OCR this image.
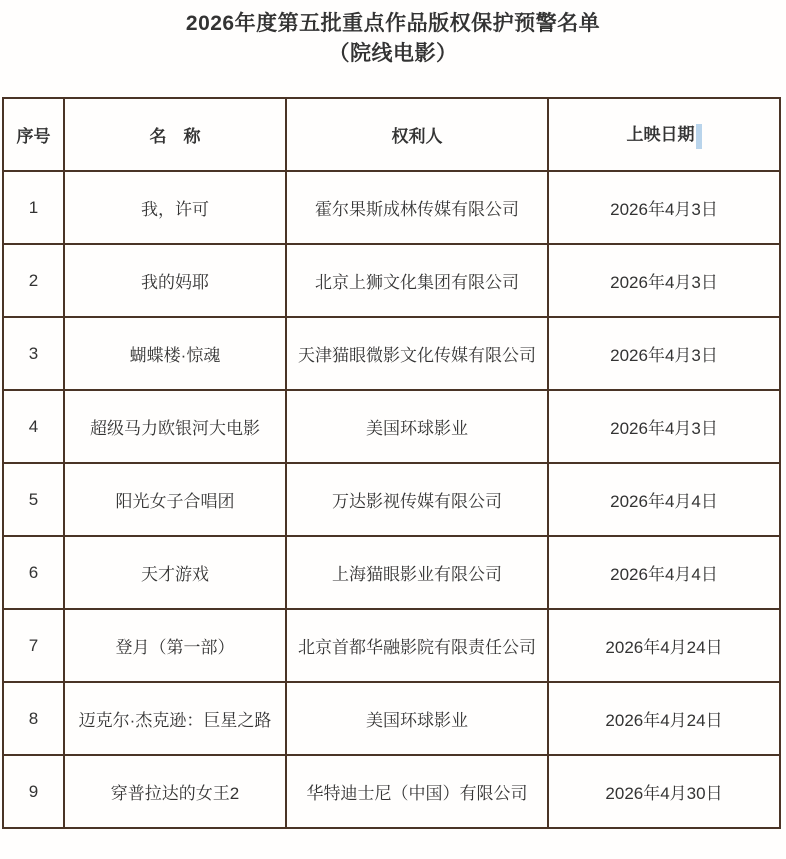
2026年度第五批重点作品版权保护预警名单
（院线电影）
序号	名　称	权利人	上映日期
1	我，许可	霍尔果斯成林传媒有限公司	2026年4月3日
2	我的妈耶	北京上狮文化集团有限公司	2026年4月3日
3	蝴蝶楼·惊魂	天津猫眼微影文化传媒有限公司	2026年4月3日
4	超级马力欧银河大电影	美国环球影业	2026年4月3日
5	阳光女子合唱团	万达影视传媒有限公司	2026年4月4日
6	天才游戏	上海猫眼影业有限公司	2026年4月4日
7	登月（第一部）	北京首都华融影院有限责任公司	2026年4月24日
8	迈克尔·杰克逊：巨星之路	美国环球影业	2026年4月24日
9	穿普拉达的女王2	华特迪士尼（中国）有限公司	2026年4月30日
